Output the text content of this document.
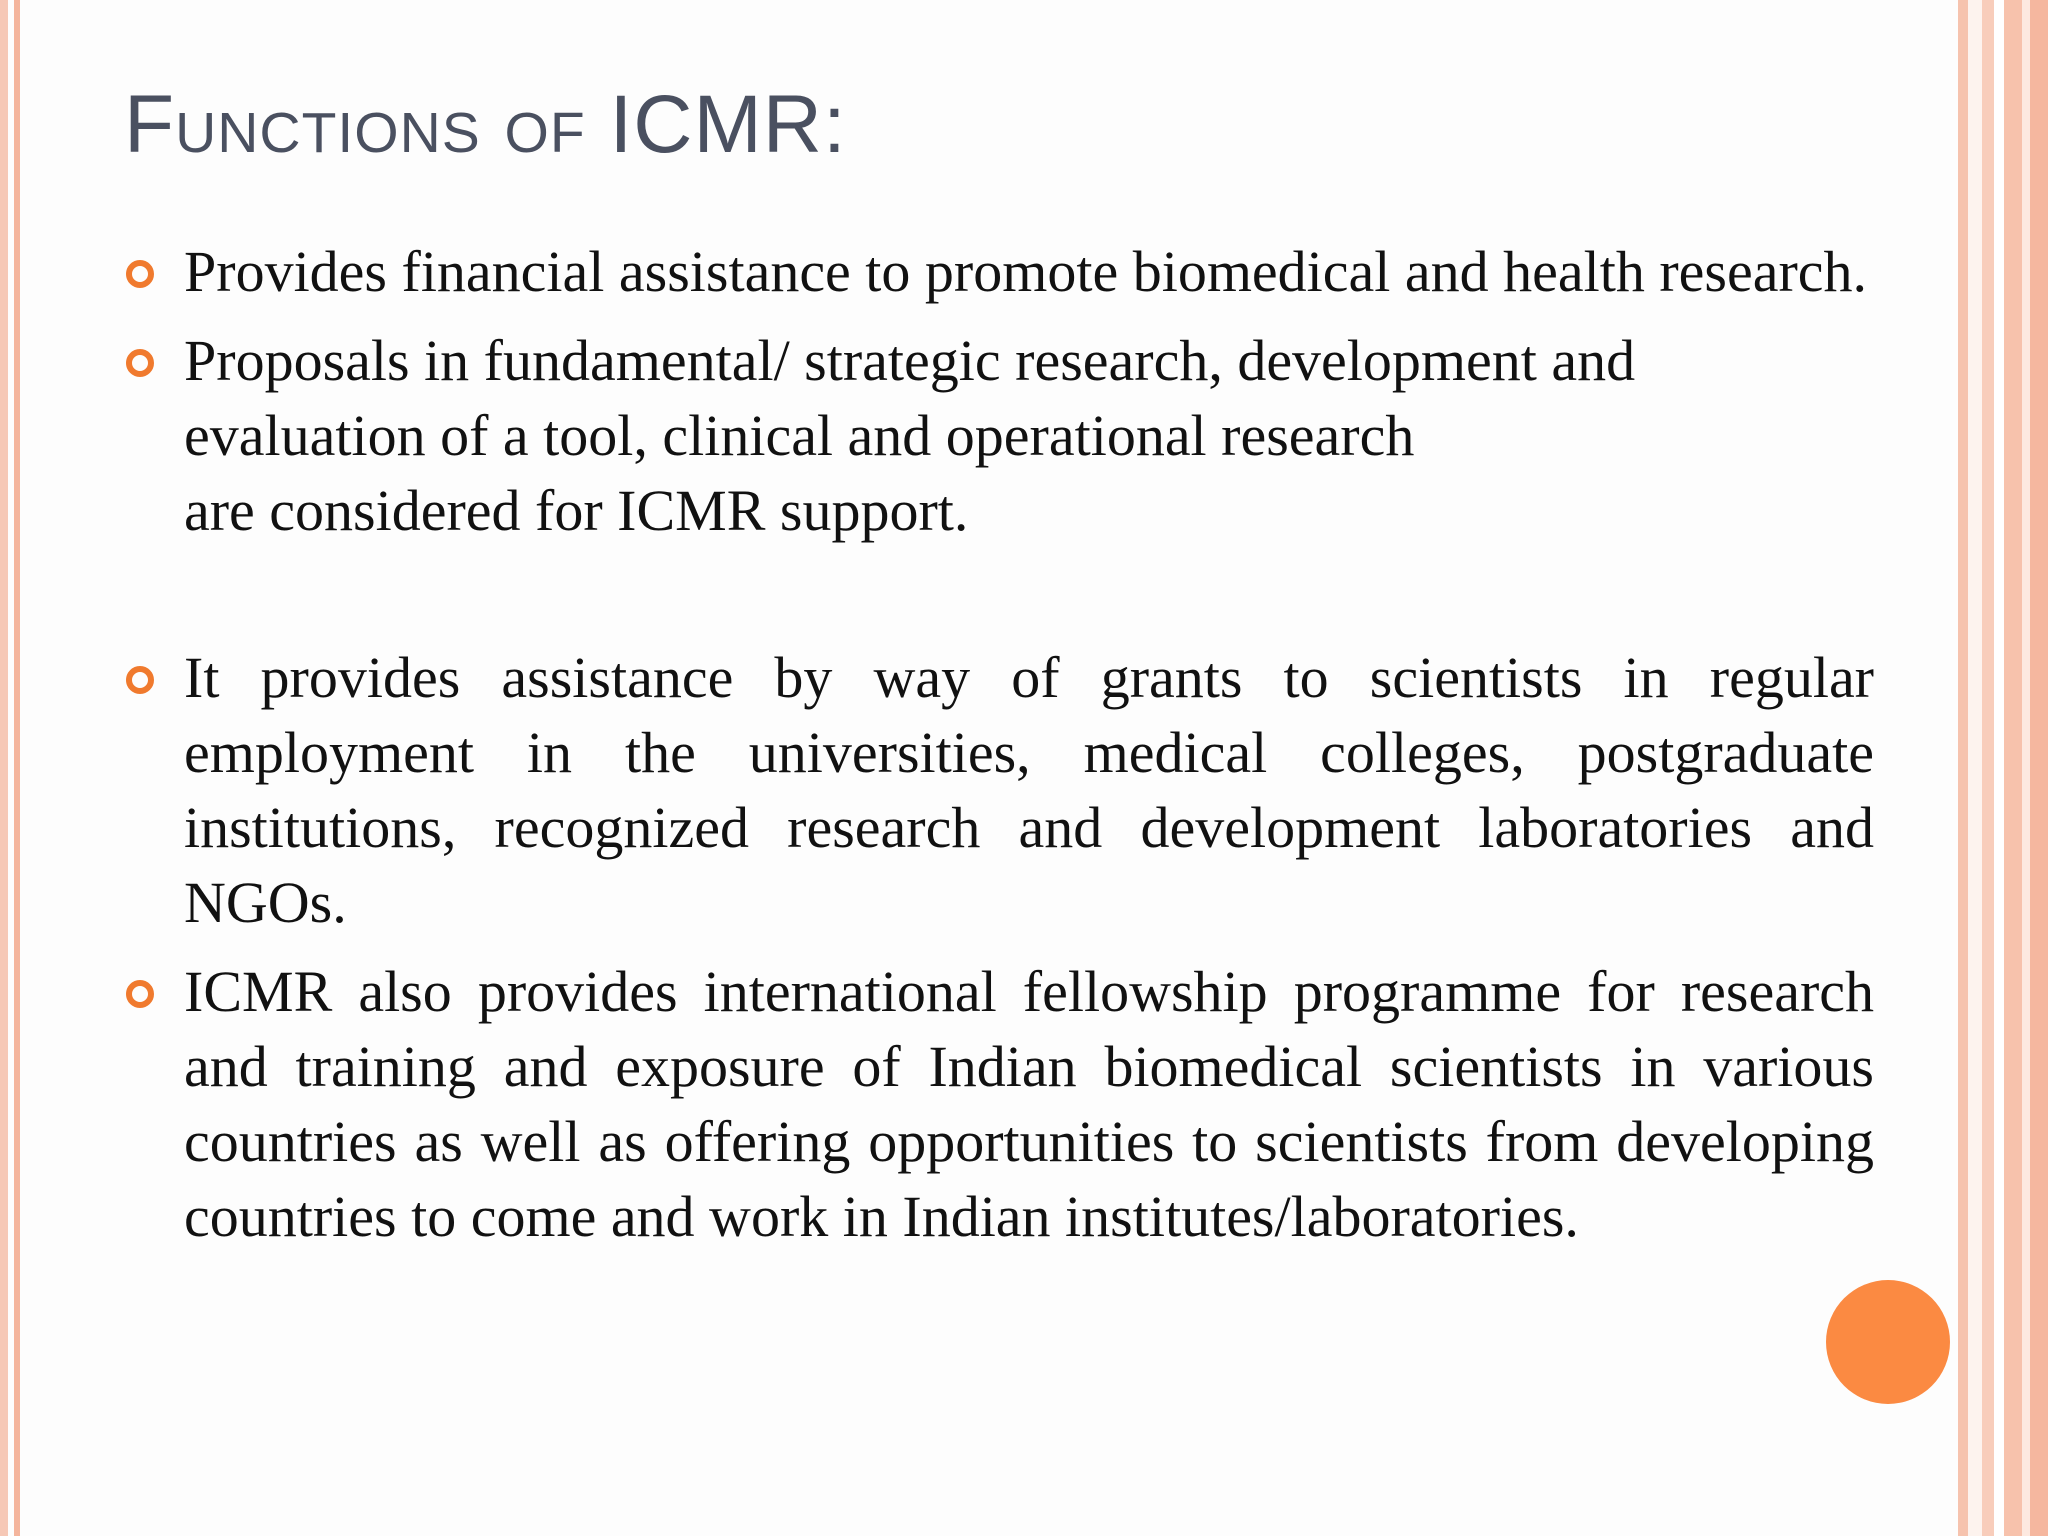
Functions of ICMR:
Provides financial assistance to promote biomedical and health research.
Proposals in fundamental/ strategic research, development and
evaluation of a tool, clinical and operational research
are considered for ICMR support.
It provides assistance by way of grants to scientists in regular employment in the universities, medical colleges, postgraduate institutions, recognized research and development laboratories and NGOs.
ICMR also provides international fellowship programme for research and training and exposure of Indian biomedical scientists in various countries as well as offering opportunities to scientists from developing countries to come and work in Indian institutes/laboratories.
